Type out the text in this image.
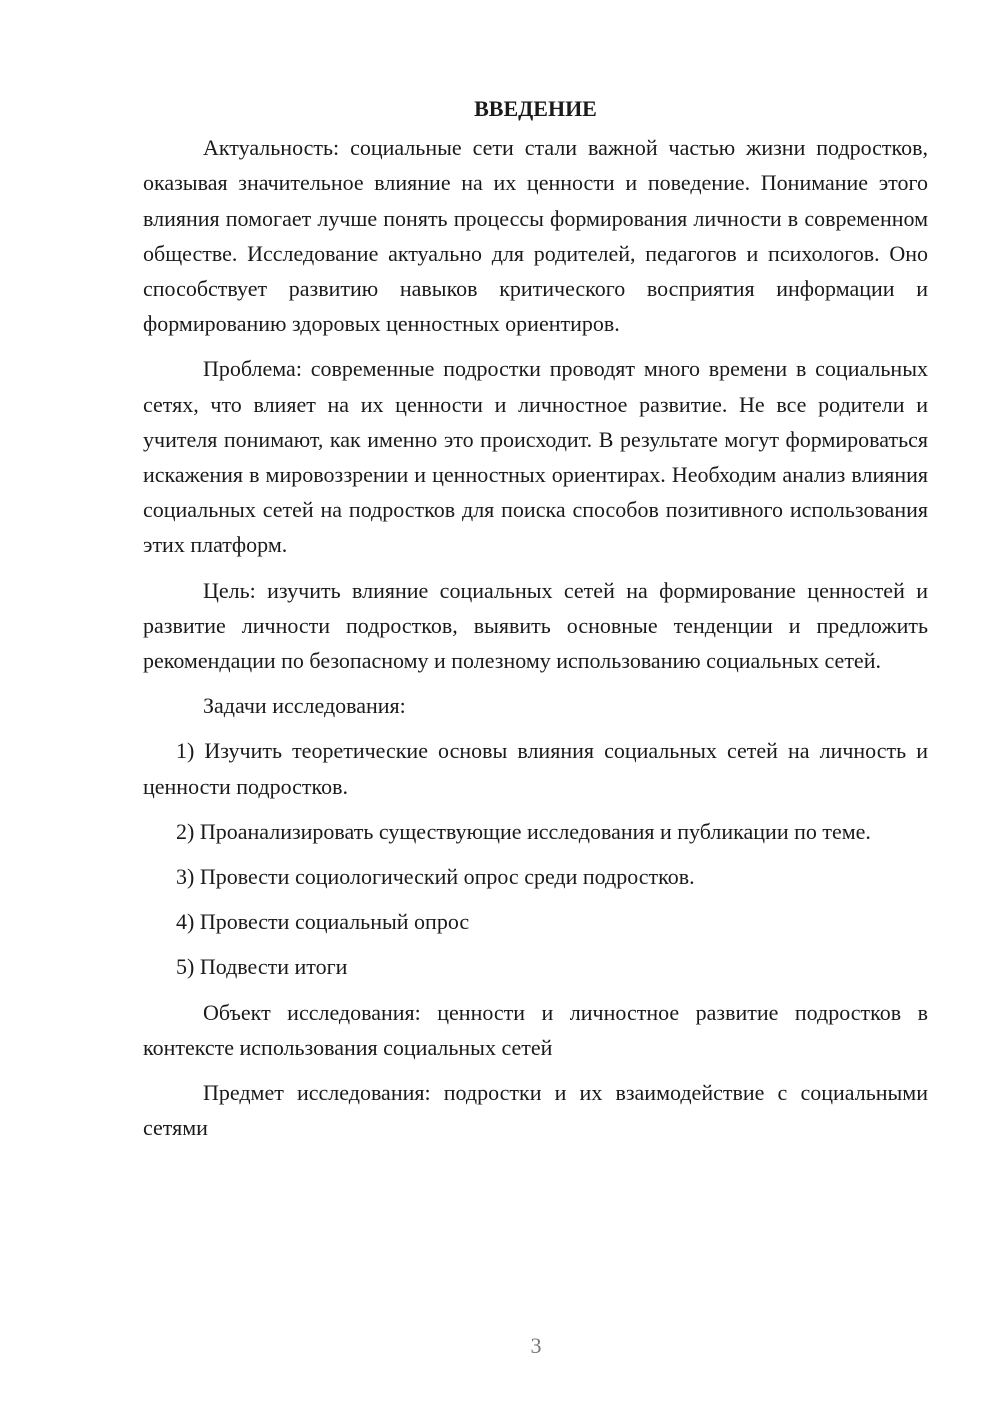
ВВЕДЕНИЕ

Актуальность: социальные сети стали важной частью жизни подростков, оказывая значительное влияние на их ценности и поведение. Понимание этого влияния помогает лучше понять процессы формирования личности в современном обществе. Исследование актуально для родителей, педагогов и психологов. Оно способствует развитию навыков критического восприятия информации и формированию здоровых ценностных ориентиров.

Проблема: современные подростки проводят много времени в социальных сетях, что влияет на их ценности и личностное развитие. Не все родители и учителя понимают, как именно это происходит. В результате могут формироваться искажения в мировоззрении и ценностных ориентирах. Необходим анализ влияния социальных сетей на подростков для поиска способов позитивного использования этих платформ.

Цель: изучить влияние социальных сетей на формирование ценностей и развитие личности подростков, выявить основные тенденции и предложить рекомендации по безопасному и полезному использованию социальных сетей.

Задачи исследования:

1) Изучить теоретические основы влияния социальных сетей на личность и ценности подростков.

2) Проанализировать существующие исследования и публикации по теме.

3) Провести социологический опрос среди подростков.

4) Провести социальный опрос

5) Подвести итоги

Объект исследования: ценности и личностное развитие подростков в контексте использования социальных сетей

Предмет исследования: подростки и их взаимодействие с социальными сетями

3
